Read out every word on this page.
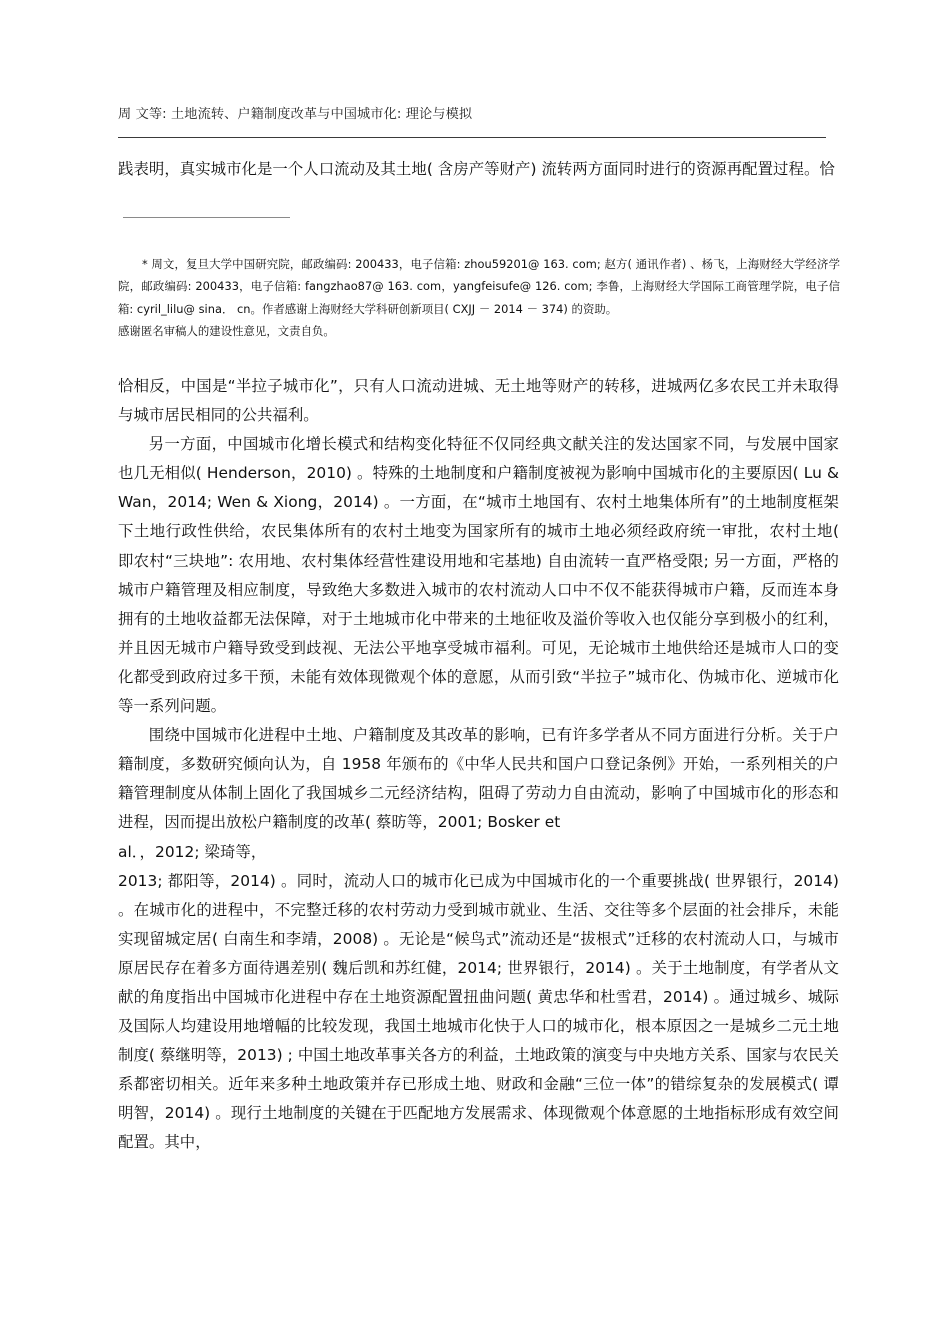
周 文等: 土地流转、户籍制度改革与中国城市化: 理论与模拟

践表明，真实城市化是一个人口流动及其土地( 含房产等财产) 流转两方面同时进行的资源再配置过程。恰

* 周文，复旦大学中国研究院，邮政编码: 200433，电子信箱: zhou59201@ 163. com; 赵方( 通讯作者) 、杨飞，上海财经大学经济学院，邮政编码: 200433，电子信箱: fangzhao87@ 163. com，yangfeisufe@ 126. com; 李鲁，上海财经大学国际工商管理学院，电子信箱: cyril_lilu@ sina． cn。作者感谢上海财经大学科研创新项目( CXJJ － 2014 － 374) 的资助。

感谢匿名审稿人的建设性意见，文责自负。

恰相反，中国是“半拉子城市化”，只有人口流动进城、无土地等财产的转移，进城两亿多农民工并未取得与城市居民相同的公共福利。

另一方面，中国城市化增长模式和结构变化特征不仅同经典文献关注的发达国家不同，与发展中国家也几无相似( Henderson，2010) 。特殊的土地制度和户籍制度被视为影响中国城市化的主要原因( Lu & Wan，2014; Wen & Xiong，2014) 。一方面，在“城市土地国有、农村土地集体所有”的土地制度框架下土地行政性供给，农民集体所有的农村土地变为国家所有的城市土地必须经政府统一审批，农村土地( 即农村“三块地”: 农用地、农村集体经营性建设用地和宅基地) 自由流转一直严格受限; 另一方面，严格的城市户籍管理及相应制度，导致绝大多数进入城市的农村流动人口中不仅不能获得城市户籍，反而连本身拥有的土地收益都无法保障，对于土地城市化中带来的土地征收及溢价等收入也仅能分享到极小的红利，并且因无城市户籍导致受到歧视、无法公平地享受城市福利。可见，无论城市土地供给还是城市人口的变化都受到政府过多干预，未能有效体现微观个体的意愿，从而引致“半拉子”城市化、伪城市化、逆城市化等一系列问题。

围绕中国城市化进程中土地、户籍制度及其改革的影响，已有许多学者从不同方面进行分析。关于户籍制度，多数研究倾向认为，自 1958 年颁布的《中华人民共和国户口登记条例》开始，一系列相关的户籍管理制度从体制上固化了我国城乡二元经济结构，阻碍了劳动力自由流动，影响了中国城市化的形态和进程，因而提出放松户籍制度的改革( 蔡昉等，2001; Bosker et

al．，2012; 梁琦等，

2013; 都阳等，2014) 。同时，流动人口的城市化已成为中国城市化的一个重要挑战( 世界银行，2014) 。在城市化的进程中，不完整迁移的农村劳动力受到城市就业、生活、交往等多个层面的社会排斥，未能实现留城定居( 白南生和李靖，2008) 。无论是“候鸟式”流动还是“拔根式”迁移的农村流动人口，与城市原居民存在着多方面待遇差别( 魏后凯和苏红健，2014; 世界银行，2014) 。关于土地制度，有学者从文献的角度指出中国城市化进程中存在土地资源配置扭曲问题( 黄忠华和杜雪君，2014) 。通过城乡、城际及国际人均建设用地增幅的比较发现，我国土地城市化快于人口的城市化，根本原因之一是城乡二元土地制度( 蔡继明等，2013) ; 中国土地改革事关各方的利益，土地政策的演变与中央地方关系、国家与农民关系都密切相关。近年来多种土地政策并存已形成土地、财政和金融“三位一体”的错综复杂的发展模式( 谭明智，2014) 。现行土地制度的关键在于匹配地方发展需求、体现微观个体意愿的土地指标形成有效空间配置。其中，
